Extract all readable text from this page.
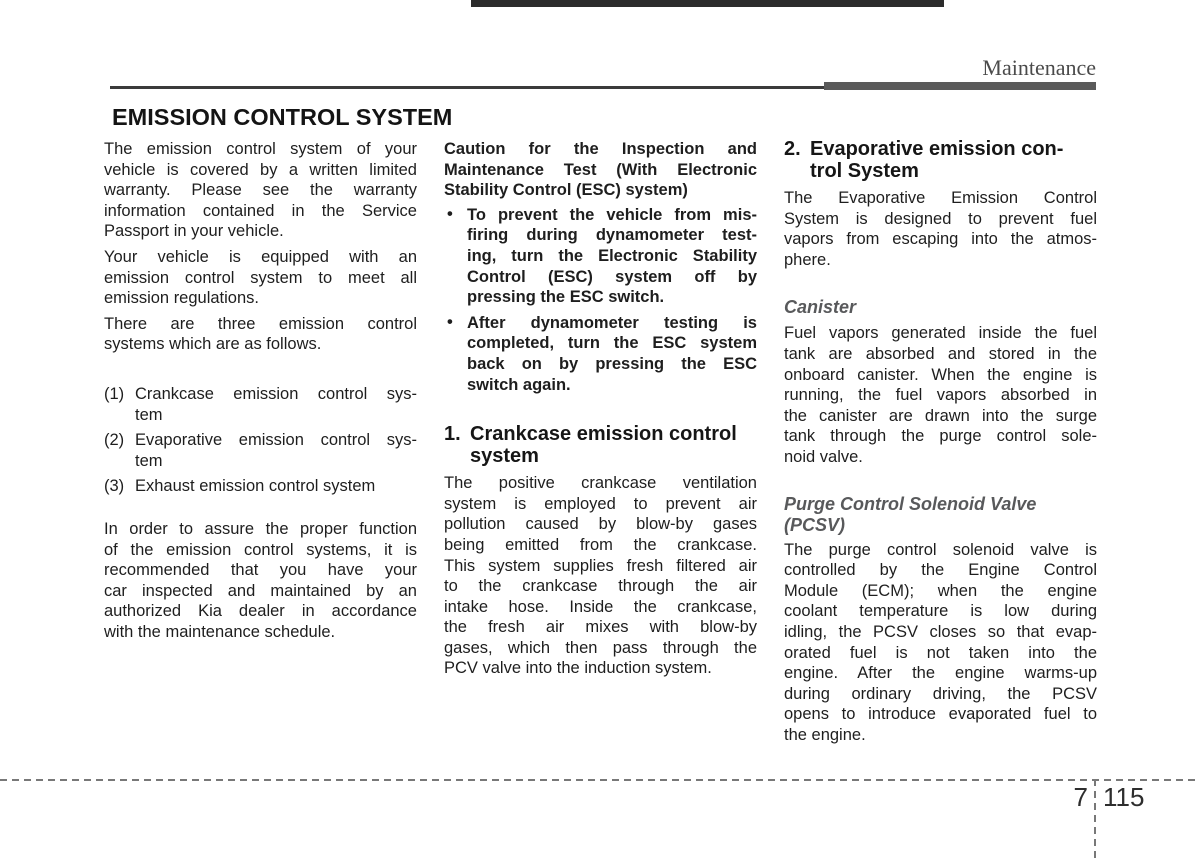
Maintenance
EMISSION CONTROL SYSTEM
The emission control system of your
vehicle is covered by a written limited
warranty. Please see the warranty
information contained in the Service
Passport in your vehicle.
Your vehicle is equipped with an
emission control system to meet all
emission regulations.
There are three emission control
systems which are as follows.
(1) Crankcase emission control sys-
tem
(2) Evaporative emission control sys-
tem
(3) Exhaust emission control system
In order to assure the proper function
of the emission control systems, it is
recommended that you have your
car inspected and maintained by an
authorized Kia dealer in accordance
with the maintenance schedule.
Caution for the Inspection and
Maintenance Test (With Electronic
Stability Control (ESC) system)
• To prevent the vehicle from mis-
firing during dynamometer test-
ing, turn the Electronic Stability
Control (ESC) system off by
pressing the ESC switch.
• After dynamometer testing is
completed, turn the ESC system
back on by pressing the ESC
switch again.
1. Crankcase emission control
system
The positive crankcase ventilation
system is employed to prevent air
pollution caused by blow-by gases
being emitted from the crankcase.
This system supplies fresh filtered air
to the crankcase through the air
intake hose. Inside the crankcase,
the fresh air mixes with blow-by
gases, which then pass through the
PCV valve into the induction system.
2. Evaporative emission con-
trol System
The Evaporative Emission Control
System is designed to prevent fuel
vapors from escaping into the atmos-
phere.
Canister
Fuel vapors generated inside the fuel
tank are absorbed and stored in the
onboard canister. When the engine is
running, the fuel vapors absorbed in
the canister are drawn into the surge
tank through the purge control sole-
noid valve.
Purge Control Solenoid Valve
(PCSV)
The purge control solenoid valve is
controlled by the Engine Control
Module (ECM); when the engine
coolant temperature is low during
idling, the PCSV closes so that evap-
orated fuel is not taken into the
engine. After the engine warms-up
during ordinary driving, the PCSV
opens to introduce evaporated fuel to
the engine.
7 115
